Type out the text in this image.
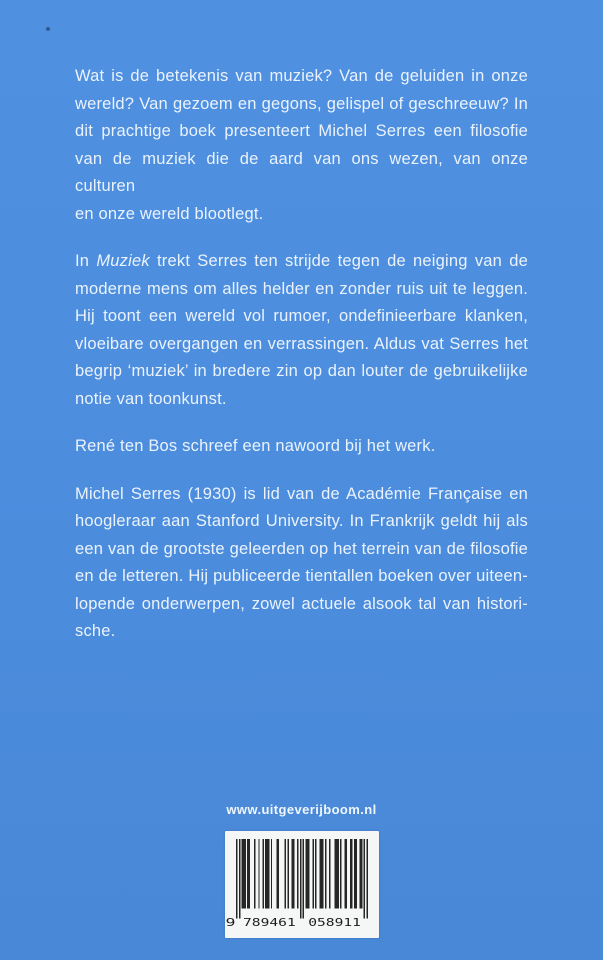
Wat is de betekenis van muziek? Van de geluiden in onze
wereld? Van gezoem en gegons, gelispel of geschreeuw? In
dit prachtige boek presenteert Michel Serres een filosofie
van de muziek die de aard van ons wezen, van onze culturen
en onze wereld blootlegt.
In Muziek trekt Serres ten strijde tegen de neiging van de
moderne mens om alles helder en zonder ruis uit te leggen.
Hij toont een wereld vol rumoer, ondefinieerbare klanken,
vloeibare overgangen en verrassingen. Aldus vat Serres het
begrip ‘muziek’ in bredere zin op dan louter de gebruikelijke
notie van toonkunst.
René ten Bos schreef een nawoord bij het werk.
Michel Serres (1930) is lid van de Académie Française en
hoogleraar aan Stanford University. In Frankrijk geldt hij als
een van de grootste geleerden op het terrein van de filosofie
en de letteren. Hij publiceerde tientallen boeken over uiteen-
lopende onderwerpen, zowel actuele alsook tal van histori-
sche.
www.uitgeverijboom.nl
9 789461 058911
